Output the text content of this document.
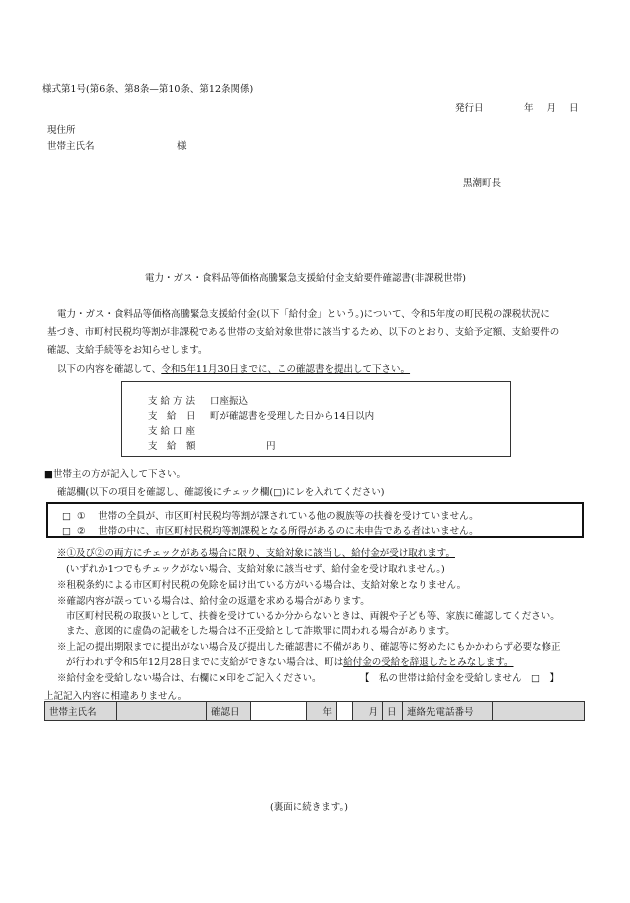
様式第1号(第6条、第8条—第10条、第12条関係)
発行日	年 月 日
現住所
世帯主氏名	様
黒潮町長
電力・ガス・食料品等価格高騰緊急支援給付金支給要件確認書(非課税世帯)
電力・ガス・食料品等価格高騰緊急支援給付金(以下「給付金」という。)について、令和5年度の町民税の課税状況に
基づき、市町村民税均等割が非課税である世帯の支給対象世帯に該当するため、以下のとおり、支給予定額、支給要件の
確認、支給手続等をお知らせします。
以下の内容を確認して、令和5年11月30日までに、この確認書を提出して下さい。
支 給 方 法 口座振込
支　給　日 町が確認書を受理した日から14日以内
支 給 口 座
支　給　額	円
■世帯主の方が記入して下さい。
確認欄(以下の項目を確認し、確認後にチェック欄(□)にレを入れてください)
□ ① 世帯の全員が、市区町村民税均等割が課されている他の親族等の扶養を受けていません。
□ ② 世帯の中に、市区町村民税均等割課税となる所得があるのに未申告である者はいません。
※①及び②の両方にチェックがある場合に限り、支給対象に該当し、給付金が受け取れます。
(いずれか1つでもチェックがない場合、支給対象に該当せず、給付金を受け取れません。)
※租税条約による市区町村民税の免除を届け出ている方がいる場合は、支給対象となりません。
※確認内容が誤っている場合は、給付金の返還を求める場合があります。
市区町村民税の取扱いとして、扶養を受けているか分からないときは、両親や子ども等、家族に確認してください。
また、意図的に虚偽の記載をした場合は不正受給として詐欺罪に問われる場合があります。
※上記の提出期限までに提出がない場合及び提出した確認書に不備があり、確認等に努めたにもかかわらず必要な修正
が行われず令和5年12月28日までに支給ができない場合は、町は給付金の受給を辞退したとみなします。
※給付金を受給しない場合は、右欄に×印をご記入ください。	【　私の世帯は給付金を受給しません　□　】
上記記入内容に相違ありません。
世帯主氏名		確認日		年		月	日	連絡先電話番号	
(裏面に続きます。)
